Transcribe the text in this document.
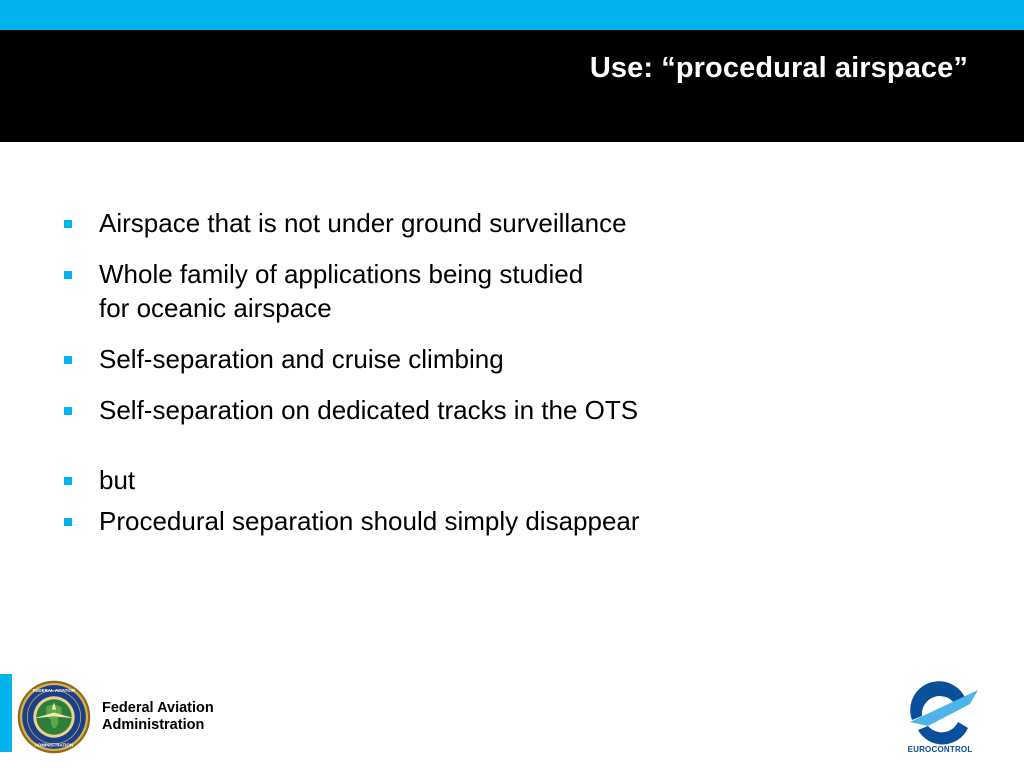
Use: “procedural airspace”
Airspace that is not under ground surveillance
Whole family of applications being studied
for oceanic airspace
Self-separation and cruise climbing
Self-separation on dedicated tracks in the OTS
but
Procedural separation should simply disappear
FEDERAL AVIATION
ADMINISTRATION
Federal Aviation
Administration
EUROCONTROL
